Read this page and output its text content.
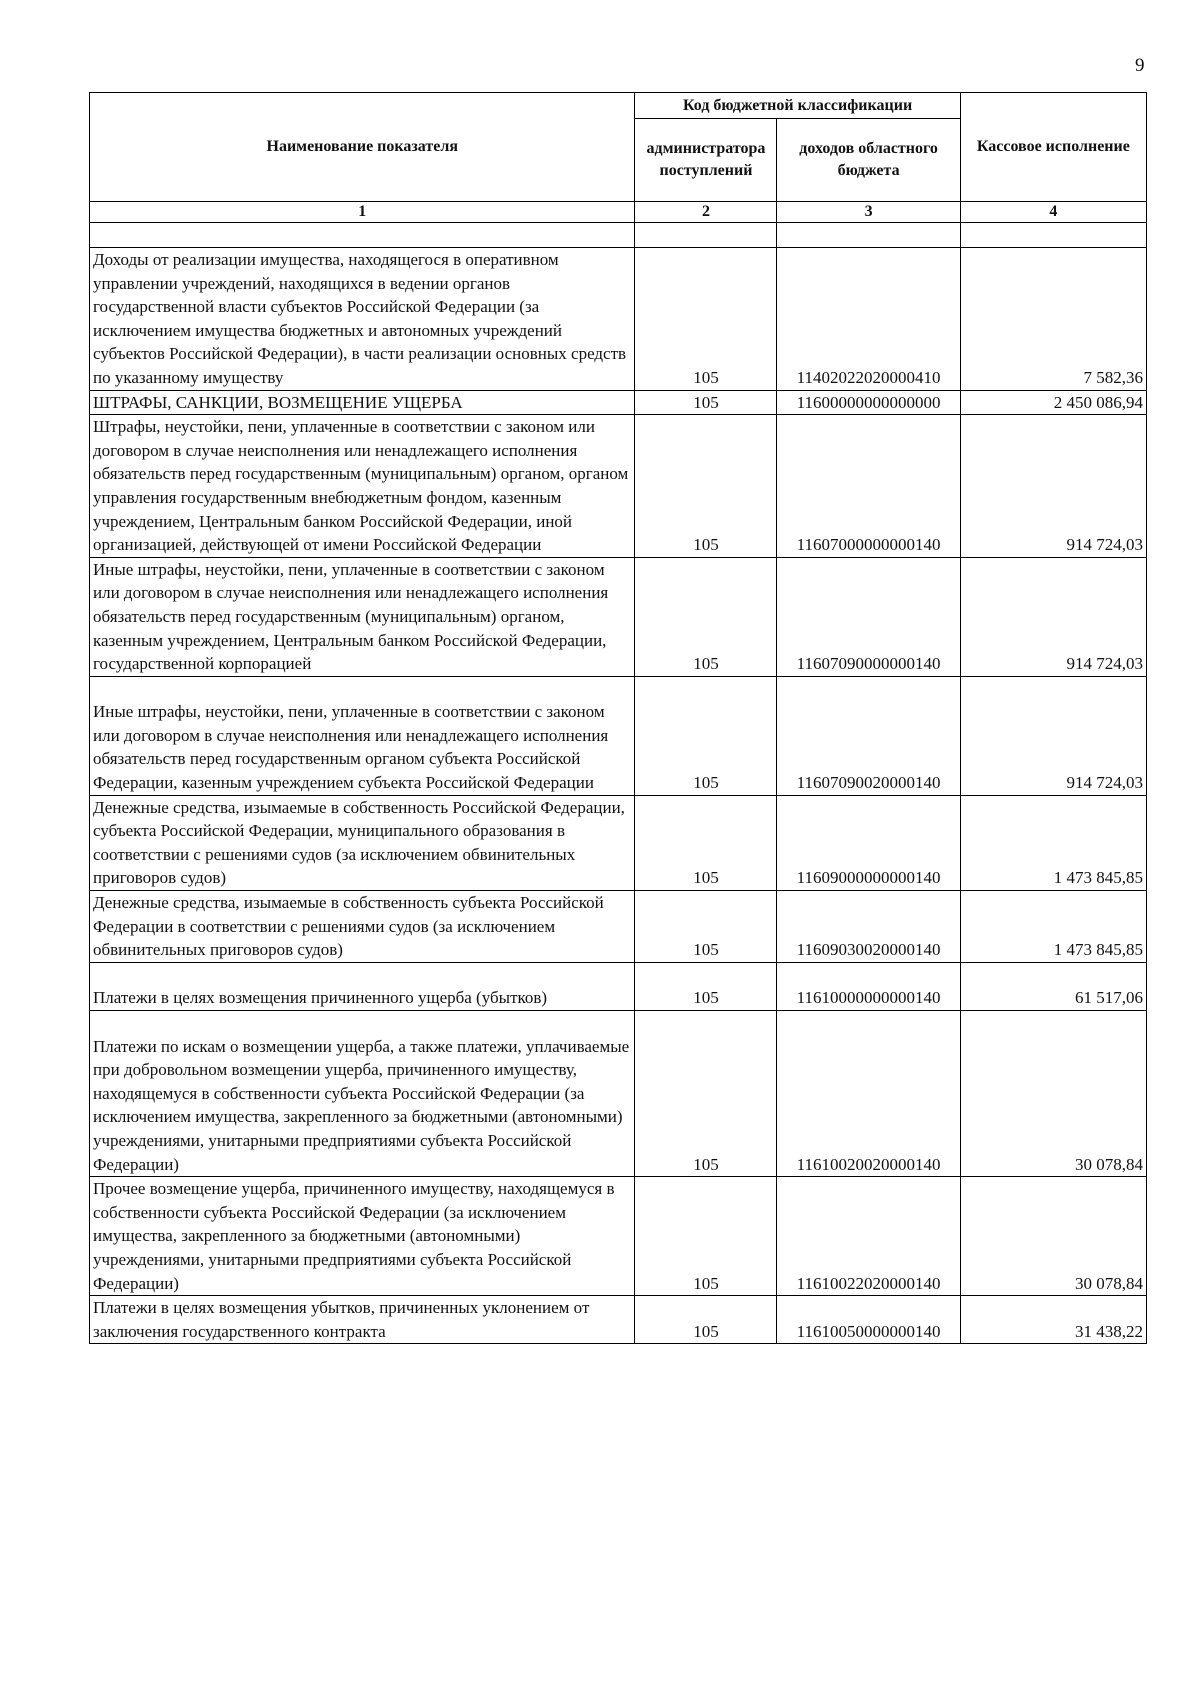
9
Наименование показателя	Код бюджетной классификации		Кассовое исполнение
	администратора поступлений	доходов областного бюджета	
1	2	3	4

Доходы от реализации имущества, находящегося в оперативном управлении учреждений, находящихся в ведении органов государственной власти субъектов Российской Федерации (за исключением имущества бюджетных и автономных учреждений субъектов Российской Федерации), в части реализации основных средств по указанному имуществу	105	11402022020000410	7 582,36
ШТРАФЫ, САНКЦИИ, ВОЗМЕЩЕНИЕ УЩЕРБА	105	11600000000000000	2 450 086,94
Штрафы, неустойки, пени, уплаченные в соответствии с законом или договором в случае неисполнения или ненадлежащего исполнения обязательств перед государственным (муниципальным) органом, органом управления государственным внебюджетным фондом, казенным учреждением, Центральным банком Российской Федерации, иной организацией, действующей от имени Российской Федерации	105	11607000000000140	914 724,03
Иные штрафы, неустойки, пени, уплаченные в соответствии с законом или договором в случае неисполнения или ненадлежащего исполнения обязательств перед государственным (муниципальным) органом, казенным учреждением, Центральным банком Российской Федерации, государственной корпорацией	105	11607090000000140	914 724,03

Иные штрафы, неустойки, пени, уплаченные в соответствии с законом или договором в случае неисполнения или ненадлежащего исполнения обязательств перед государственным органом субъекта Российской Федерации, казенным учреждением субъекта Российской Федерации	105	11607090020000140	914 724,03
Денежные средства, изымаемые в собственность Российской Федерации, субъекта Российской Федерации, муниципального образования в соответствии с решениями судов (за исключением обвинительных приговоров судов)	105	11609000000000140	1 473 845,85
Денежные средства, изымаемые в собственность субъекта Российской Федерации в соответствии с решениями судов (за исключением обвинительных приговоров судов)	105	11609030020000140	1 473 845,85

Платежи в целях возмещения причиненного ущерба (убытков)	105	11610000000000140	61 517,06

Платежи по искам о возмещении ущерба, а также платежи, уплачиваемые при добровольном возмещении ущерба, причиненного имуществу, находящемуся в собственности субъекта Российской Федерации (за исключением имущества, закрепленного за бюджетными (автономными) учреждениями, унитарными предприятиями субъекта Российской Федерации)	105	11610020020000140	30 078,84
Прочее возмещение ущерба, причиненного имуществу, находящемуся в собственности субъекта Российской Федерации (за исключением имущества, закрепленного за бюджетными (автономными) учреждениями, унитарными предприятиями субъекта Российской Федерации)	105	11610022020000140	30 078,84
Платежи в целях возмещения убытков, причиненных уклонением от заключения государственного контракта	105	11610050000000140	31 438,22
